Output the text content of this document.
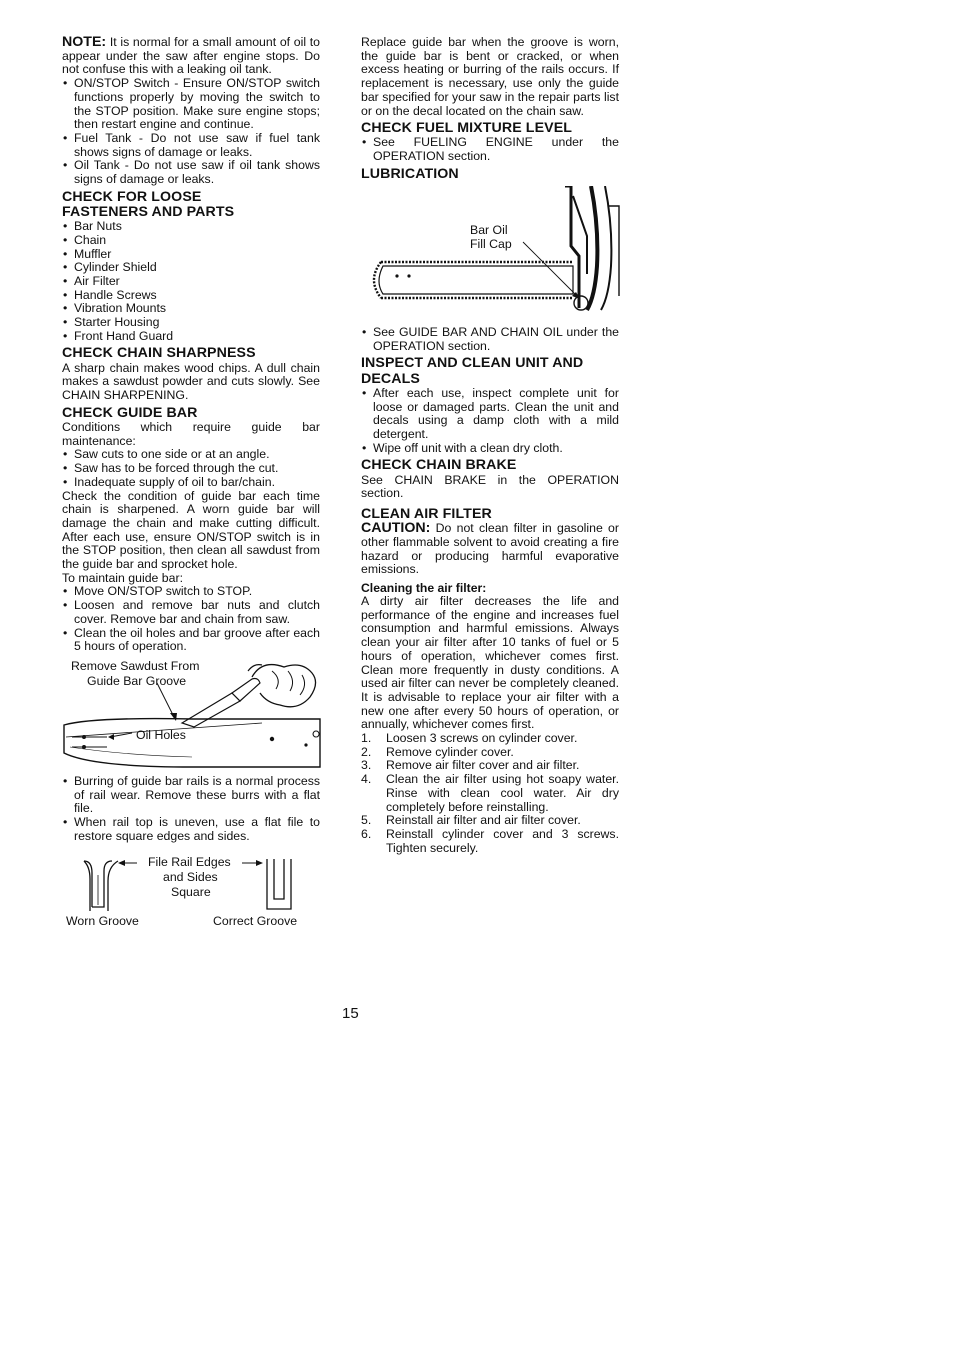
NOTE: It is normal for a small amount of oil to appear under the saw after engine stops. Do not confuse this with a leaking oil tank.

• ON/STOP Switch - Ensure ON/STOP switch functions properly by moving the switch to the STOP position. Make sure engine stops; then restart engine and continue.
• Fuel Tank - Do not use saw if fuel tank shows signs of damage or leaks.
• Oil Tank - Do not use saw if oil tank shows signs of damage or leaks.
CHECK FOR LOOSE
FASTENERS AND PARTS
• Bar Nuts
• Chain
• Muffler
• Cylinder Shield
• Air Filter
• Handle Screws
• Vibration Mounts
• Starter Housing
• Front Hand Guard
CHECK CHAIN SHARPNESS

A sharp chain makes wood chips. A dull chain makes a sawdust powder and cuts slowly. See CHAIN SHARPENING.

CHECK GUIDE BAR

Conditions which require guide bar maintenance:

• Saw cuts to one side or at an angle.
• Saw has to be forced through the cut.
• Inadequate supply of oil to bar/chain.

Check the condition of guide bar each time chain is sharpened. A worn guide bar will damage the chain and make cutting difficult. After each use, ensure ON/STOP switch is in the STOP position, then clean all sawdust from the guide bar and sprocket hole.

To maintain guide bar:

• Move ON/STOP switch to STOP.
• Loosen and remove bar nuts and clutch cover. Remove bar and chain from saw.
• Clean the oil holes and bar groove after each 5 hours of operation.
Remove Sawdust From
Guide Bar Groove
Oil Holes
• Burring of guide bar rails is a normal process of rail wear. Remove these burrs with a flat file.
• When rail top is uneven, use a flat file to restore square edges and sides.
File Rail Edges
and Sides
Square
Worn Groove	Correct Groove

Replace guide bar when the groove is worn, the guide bar is bent or cracked, or when excess heating or burring of the rails occurs. If replacement is necessary, use only the guide bar specified for your saw in the repair parts list or on the decal located on the chain saw.

CHECK FUEL MIXTURE LEVEL
• See FUELING ENGINE under the OPERATION section.
LUBRICATION
Bar Oil
Fill Cap
• See GUIDE BAR AND CHAIN OIL under the OPERATION section.
INSPECT AND CLEAN UNIT AND
DECALS
• After each use, inspect complete unit for loose or damaged parts. Clean the unit and decals using a damp cloth with a mild detergent.
• Wipe off unit with a clean dry cloth.
CHECK CHAIN BRAKE

See CHAIN BRAKE in the OPERATION section.

CLEAN AIR FILTER

CAUTION: Do not clean filter in gasoline or other flammable solvent to avoid creating a fire hazard or producing harmful evaporative emissions.

Cleaning the air filter:

A dirty air filter decreases the life and performance of the engine and increases fuel consumption and harmful emissions. Always clean your air filter after 10 tanks of fuel or 5 hours of operation, whichever comes first. Clean more frequently in dusty conditions. A used air filter can never be completely cleaned. It is advisable to replace your air filter with a new one after every 50 hours of operation, or annually, whichever comes first.

1. Loosen 3 screws on cylinder cover.
2. Remove cylinder cover.
3. Remove air filter cover and air filter.
4. Clean the air filter using hot soapy water. Rinse with clean cool water. Air dry completely before reinstalling.
5. Reinstall air filter and air filter cover.
6. Reinstall cylinder cover and 3 screws. Tighten securely.
15
